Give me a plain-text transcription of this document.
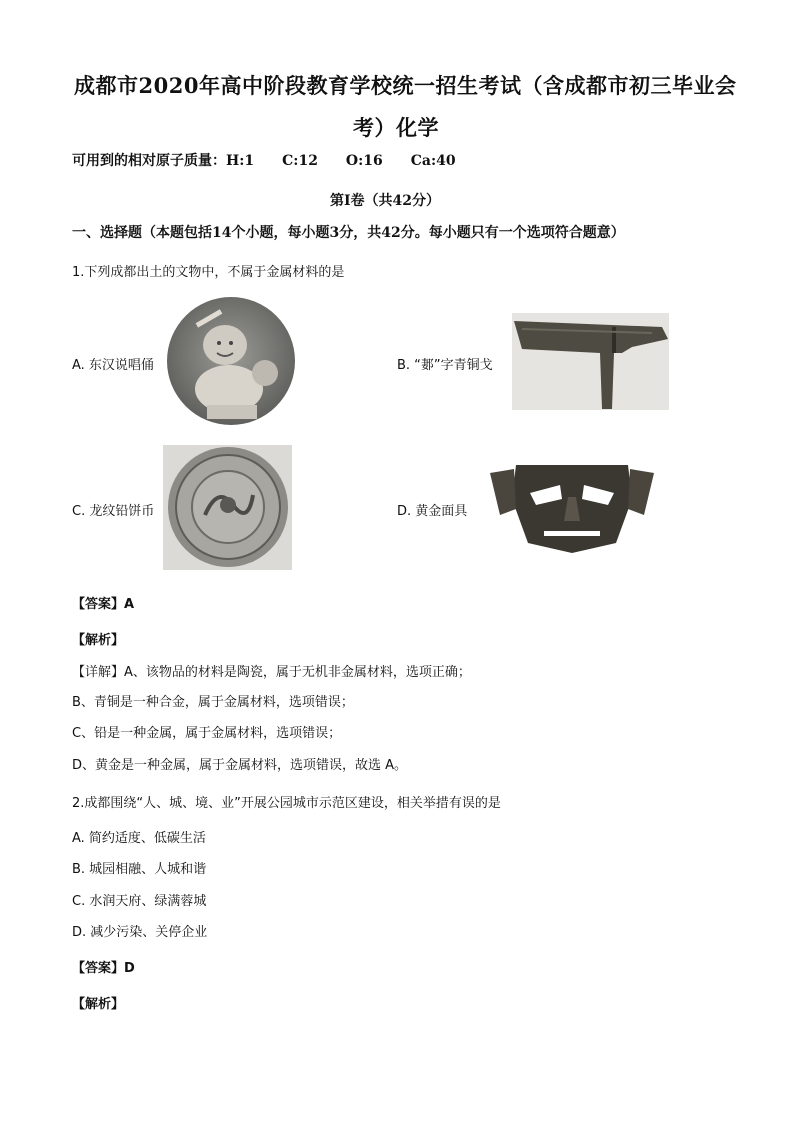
成都市2020年高中阶段教育学校统一招生考试（含成都市初三毕业会
考）化学
可用到的相对原子质量：H:1　　C:12　　O:16　　Ca:40
第Ⅰ卷（共42分）
一、选择题（本题包括14个小题，每小题3分，共42分。每小题只有一个选项符合题意）
1.下列成都出土的文物中，不属于金属材料的是
A. 东汉说唱俑	B. “郪”字青铜戈
C. 龙纹铅饼币	D. 黄金面具
【答案】A
【解析】
【详解】A、该物品的材料是陶瓷，属于无机非金属材料，选项正确；
B、青铜是一种合金，属于金属材料，选项错误；
C、铅是一种金属，属于金属材料，选项错误；
D、黄金是一种金属，属于金属材料，选项错误，故选 A。
2.成都围绕“人、城、境、业”开展公园城市示范区建设，相关举措有误的是
A. 简约适度、低碳生活
B. 城园相融、人城和谐
C. 水润天府、绿满蓉城
D. 减少污染、关停企业
【答案】D
【解析】
